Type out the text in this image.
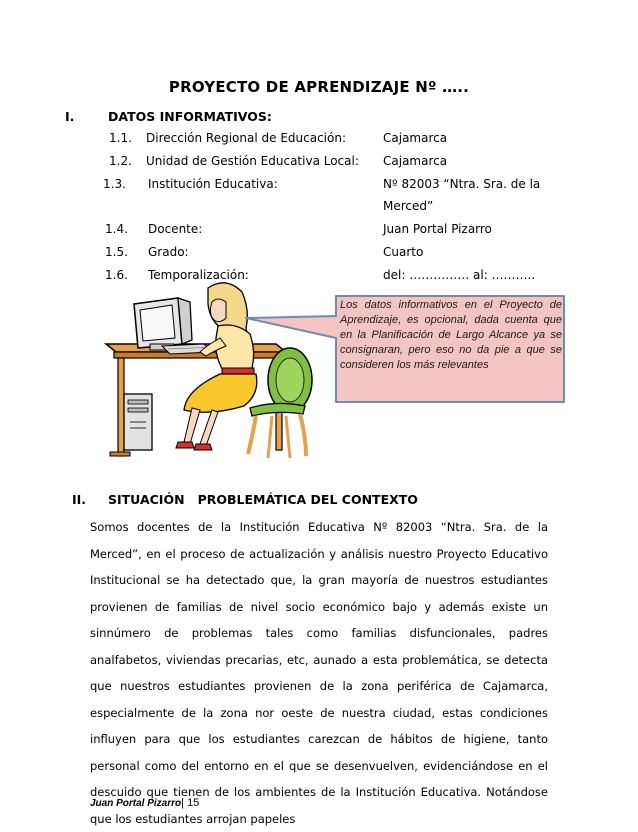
PROYECTO DE APRENDIZAJE Nº …..
I.	DATOS INFORMATIVOS:
1.1. Dirección Regional de Educación:	Cajamarca
1.2. Unidad de Gestión Educativa Local: Cajamarca
1.3. Institución Educativa:	Nº 82003 “Ntra. Sra. de la
Merced”
1.4. Docente:	Juan Portal Pizarro
1.5. Grado:	Cuarto
1.6. Temporalización:	del: …………… al: ………..
Los datos informativos en el Proyecto de Aprendizaje, es opcional, dada cuenta que en la Planificación de Largo Alcance ya se consignaran, pero eso no da pie a que se consideren los más relevantes
II. SITUACIÓN   PROBLEMÁTICA DEL CONTEXTO

Somos docentes de la Institución Educativa Nº 82003 “Ntra. Sra. de la Merced”, en el proceso de actualización y análisis nuestro Proyecto Educativo Institucional se ha detectado que, la gran mayoría de nuestros estudiantes provienen de familias de nivel socio económico bajo y además existe un sinnúmero de problemas tales como familias disfuncionales, padres analfabetos, viviendas precarias, etc, aunado a esta problemática, se detecta que nuestros estudiantes provienen de la zona periférica de Cajamarca, especialmente de la zona nor oeste de nuestra ciudad, estas condiciones influyen para que los estudiantes carezcan de hábitos de higiene, tanto personal como del entorno en el que se desenvuelven, evidenciándose en el descuido que tienen de los ambientes de la Institución Educativa. Notándose que los estudiantes arrojan papeles

Juan Portal Pizarro| 15
